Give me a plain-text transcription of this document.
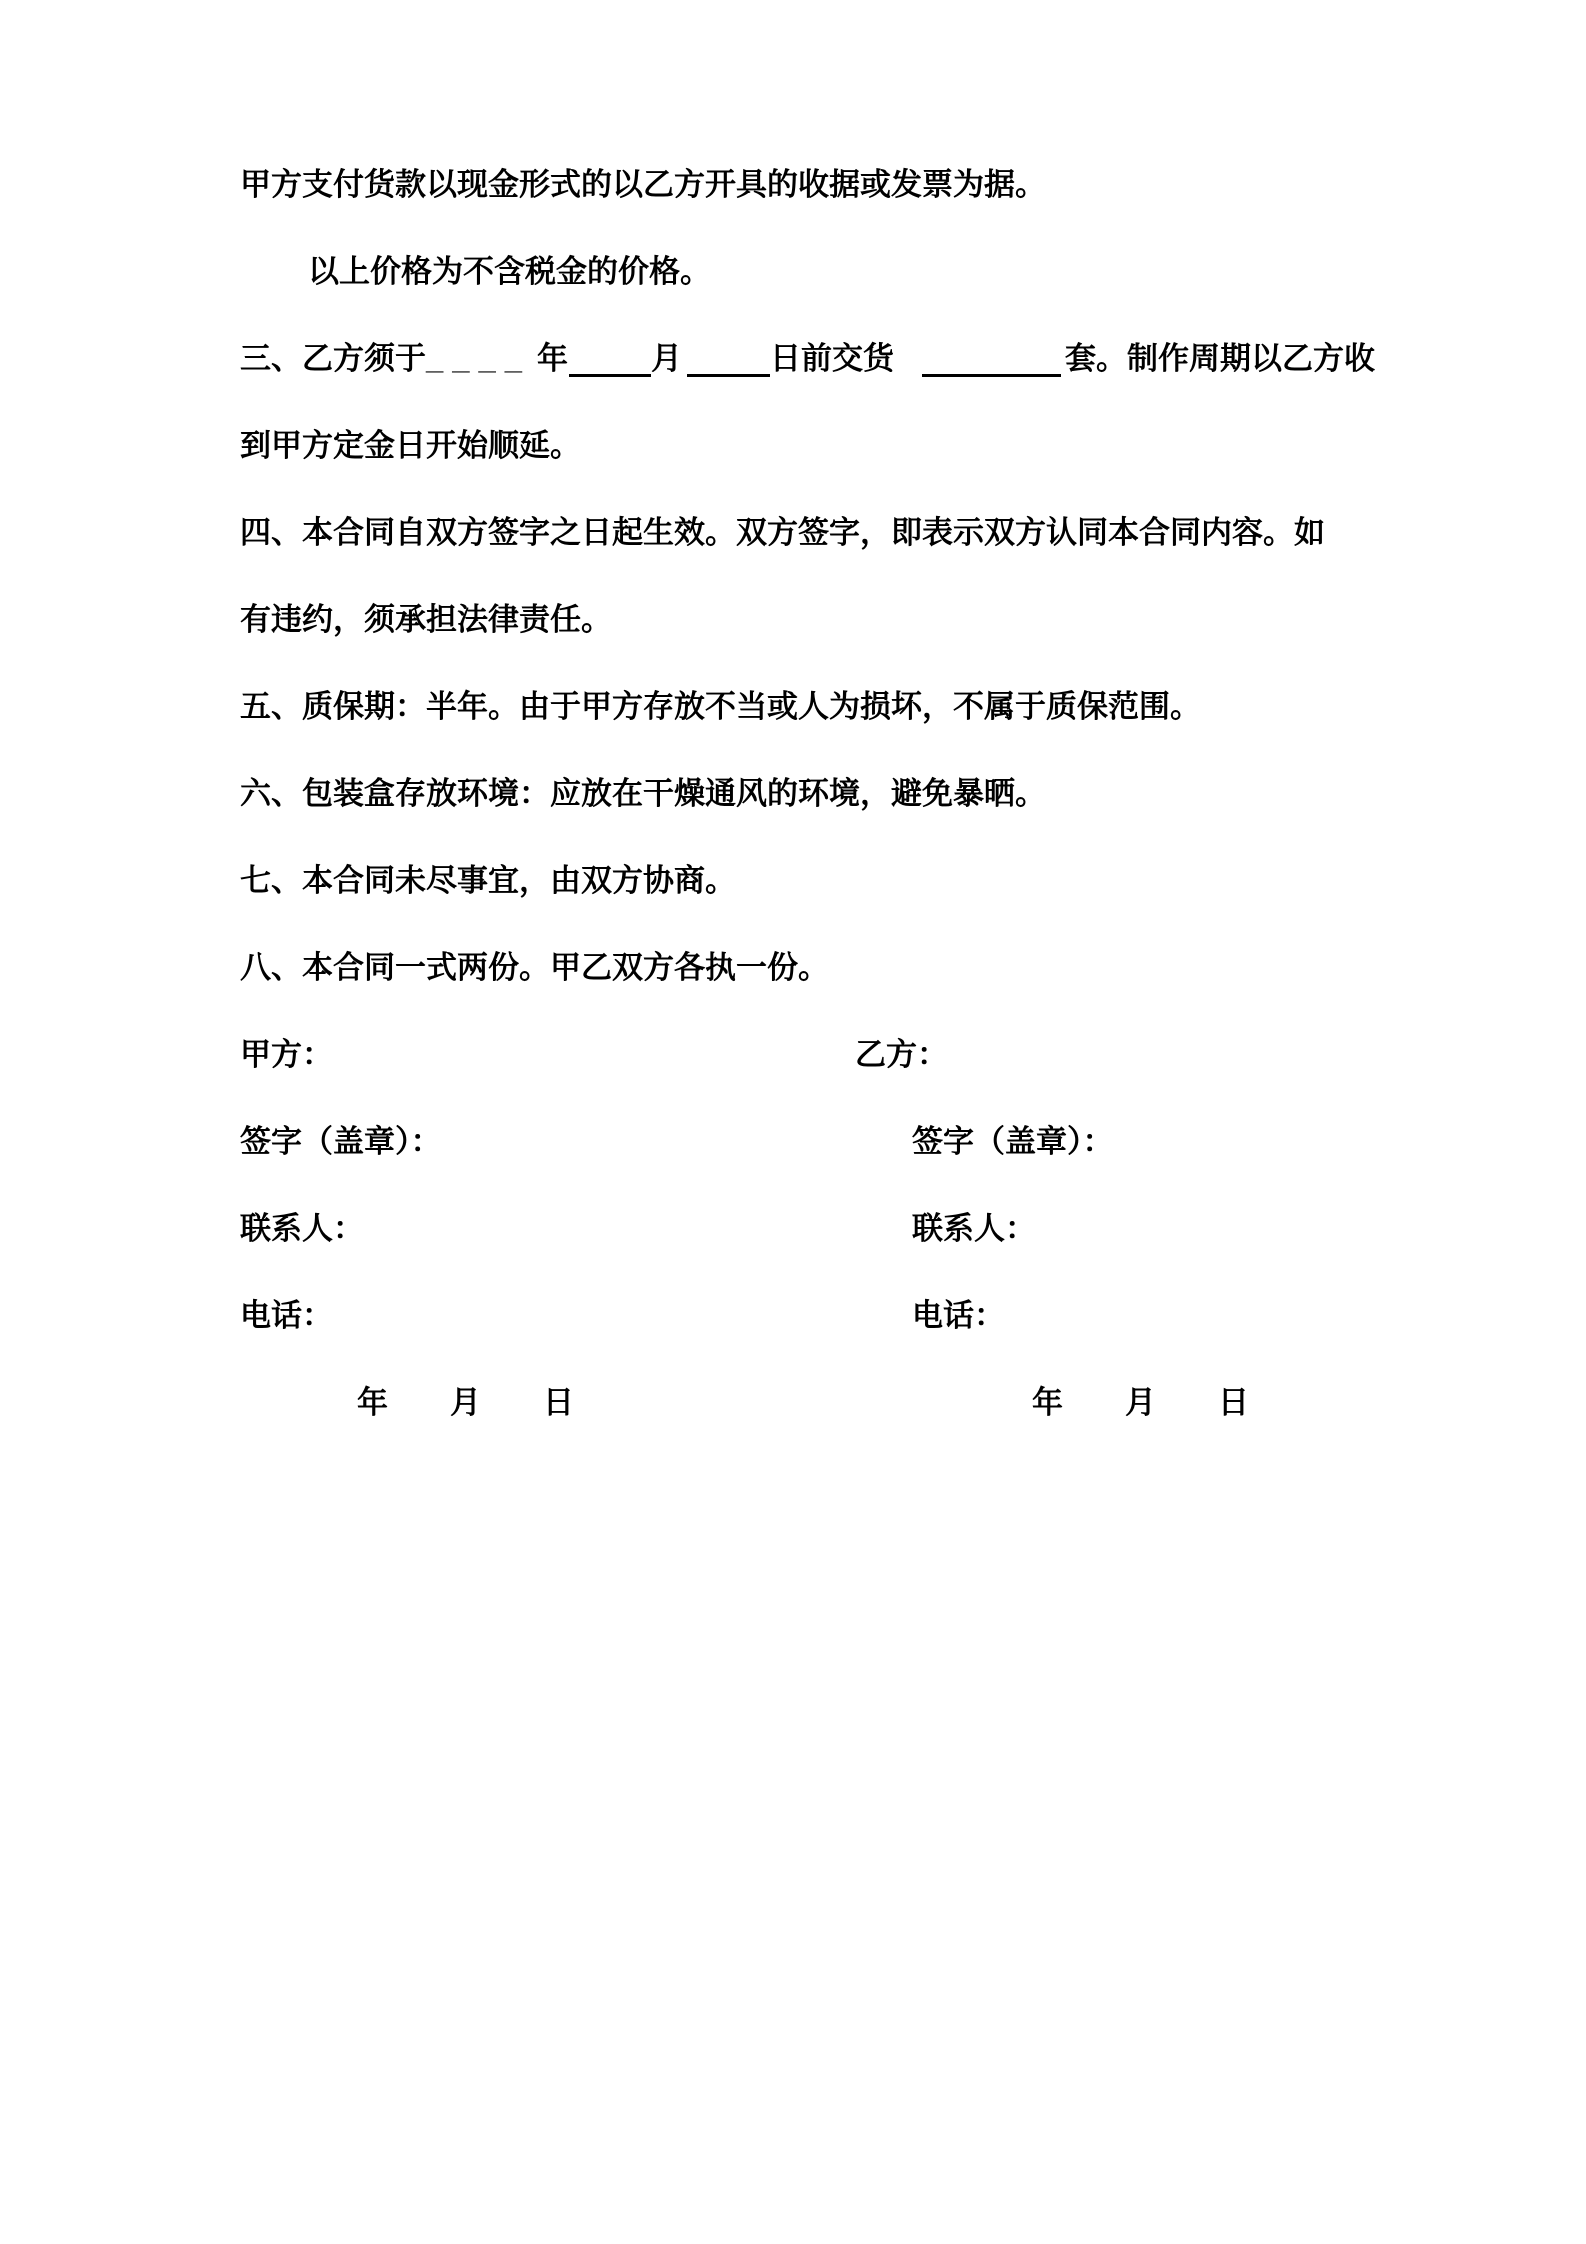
甲方支付货款以现金形式的以乙方开具的收据或发票为据。

以上价格为不含税金的价格。

三、乙方须于____ 年	月	日前交货	套。制作周期以乙方收

到甲方定金日开始顺延。

四、本合同自双方签字之日起生效。双方签字，即表示双方认同本合同内容。如

有违约，须承担法律责任。

五、质保期：半年。由于甲方存放不当或人为损坏，不属于质保范围。

六、包装盒存放环境：应放在干燥通风的环境，避免暴晒。

七、本合同未尽事宜，由双方协商。

八、本合同一式两份。甲乙双方各执一份。

甲方：	乙方：
签字（盖章）：	签字（盖章）：
联系人：	联系人：
电话：	电话：
年　　月　　日	年　　月　　日
